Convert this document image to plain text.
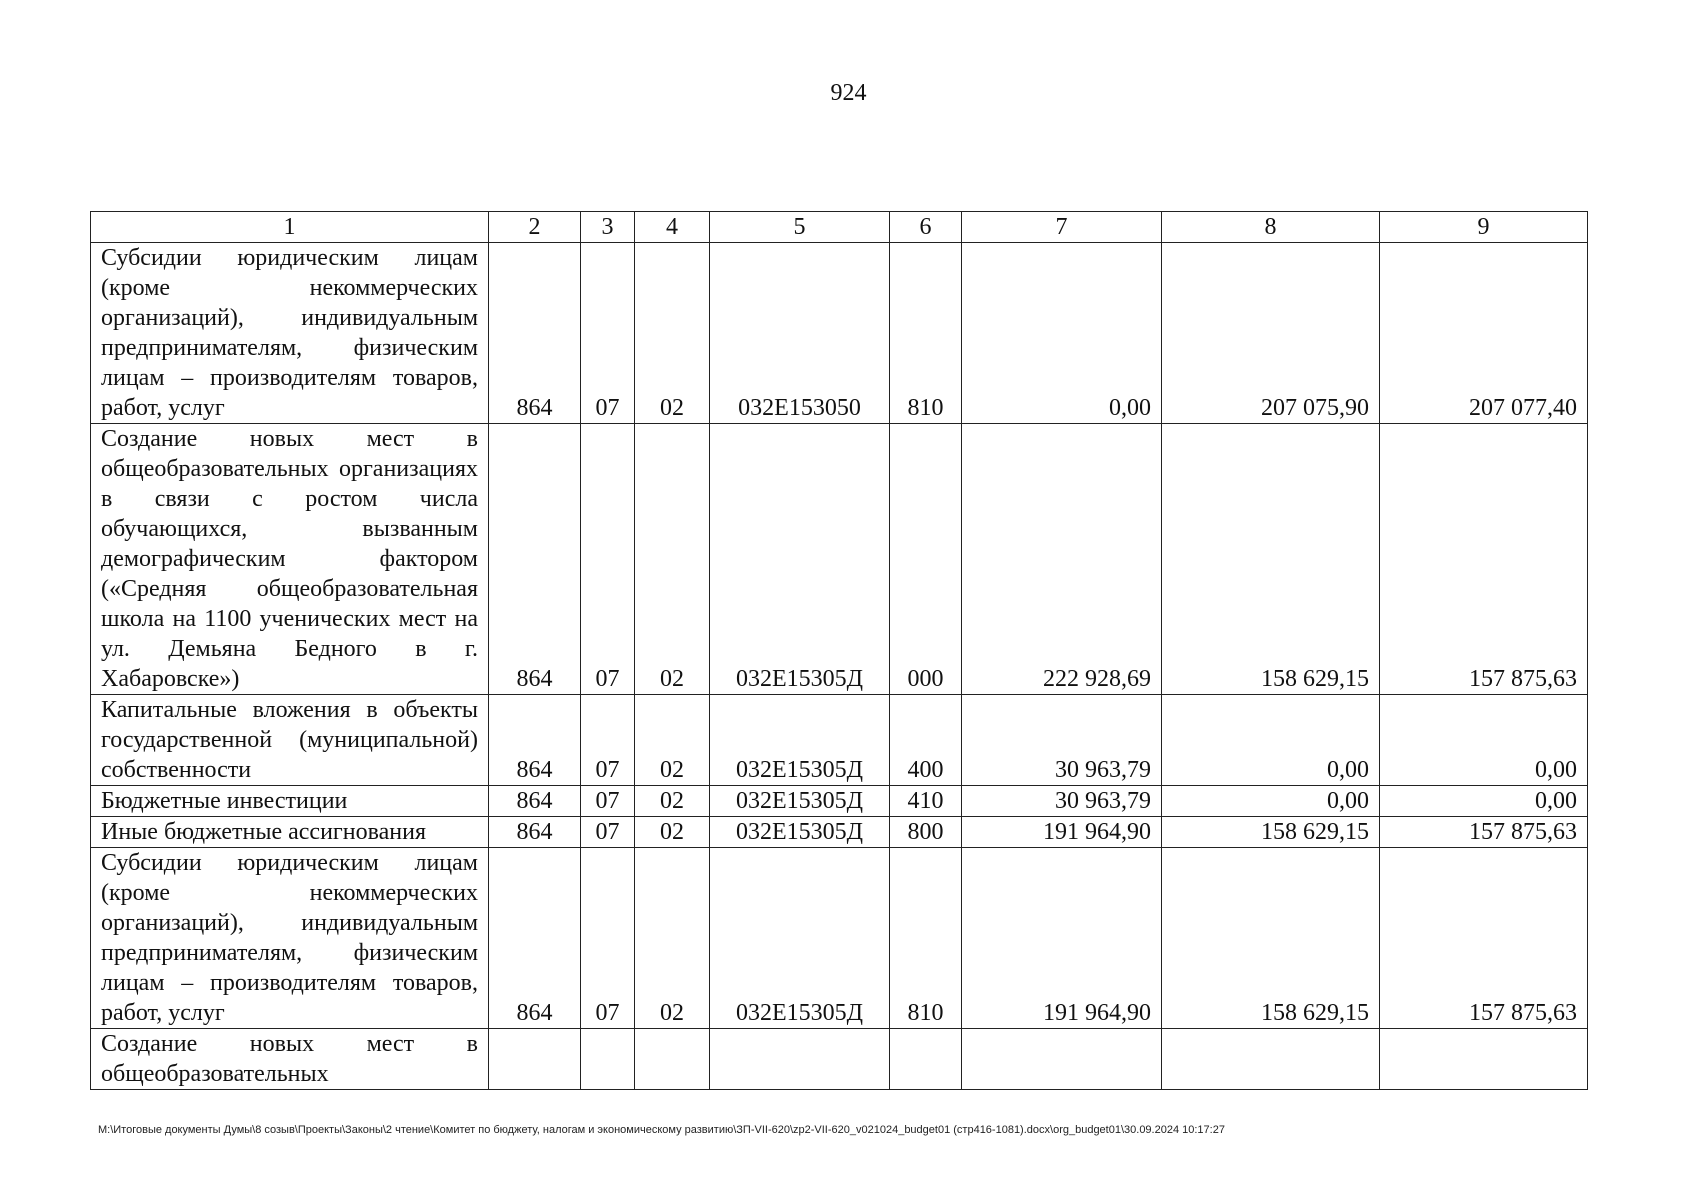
924
1	2	3	4	5	6	7	8	9
Субсидии юридическим лицам (кроме некоммерческих организаций), индивидуальным предпринимателям, физическим лицам – производителям товаров, работ, услуг	864	07	02	032E153050	810	0,00	207 075,90	207 077,40
Создание новых мест в общеобразовательных организациях в связи с ростом числа обучающихся, вызванным демографическим фактором («Средняя общеобразовательная школа на 1100 ученических мест на ул. Демьяна Бедного в г. Хабаровске»)	864	07	02	032E15305Д	000	222 928,69	158 629,15	157 875,63
Капитальные вложения в объекты государственной (муниципальной) собственности	864	07	02	032E15305Д	400	30 963,79	0,00	0,00
Бюджетные инвестиции	864	07	02	032E15305Д	410	30 963,79	0,00	0,00
Иные бюджетные ассигнования	864	07	02	032E15305Д	800	191 964,90	158 629,15	157 875,63
Субсидии юридическим лицам (кроме некоммерческих организаций), индивидуальным предпринимателям, физическим лицам – производителям товаров, работ, услуг	864	07	02	032E15305Д	810	191 964,90	158 629,15	157 875,63
Создание новых мест в общеобразовательных								
M:\Итоговые документы Думы\8 созыв\Проекты\Законы\2 чтение\Комитет по бюджету, налогам и экономическому развитию\ЗП-VII-620\zp2-VII-620_v021024_budget01 (стр416-1081).docx\org_budget01\30.09.2024 10:17:27
